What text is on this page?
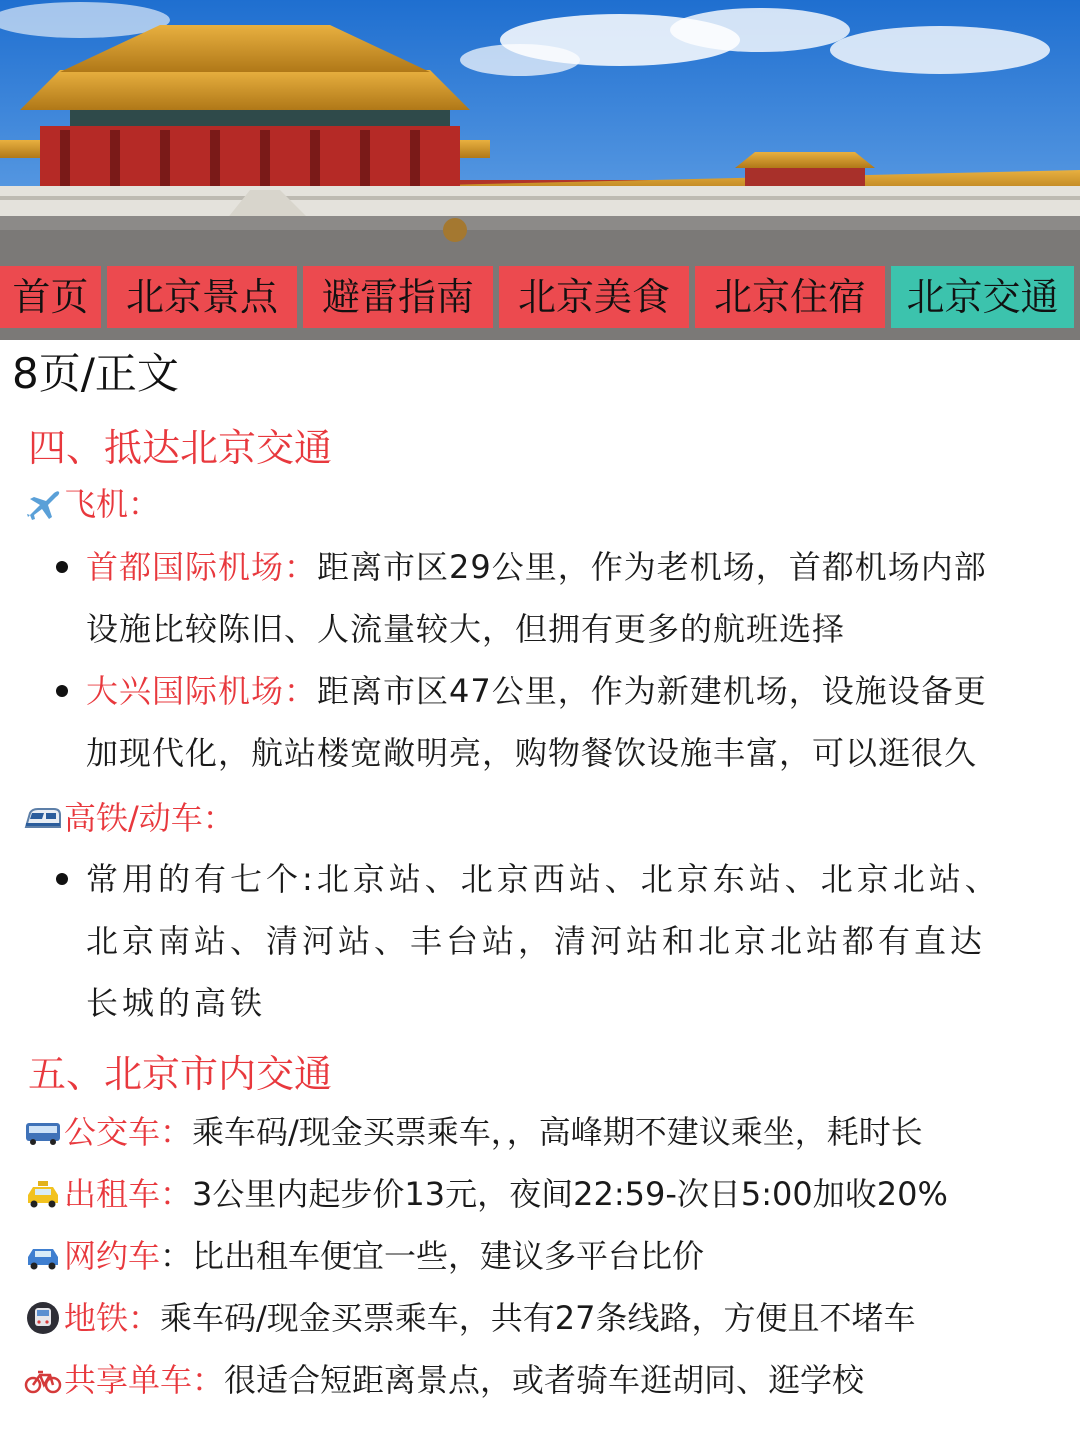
首页 北京景点	避雷指南	北京美食	北京住宿	北京交通
8页/正文
四、抵达北京交通
飞机：
首都国际机场：距离市区29公里，作为老机场，首都机场内部
设施比较陈旧、人流量较大，但拥有更多的航班选择
大兴国际机场：距离市区47公里，作为新建机场，设施设备更
加现代化，航站楼宽敞明亮，购物餐饮设施丰富，可以逛很久
高铁/动车：
常用的有七个:北京站、北京西站、北京东站、北京北站、
北京南站、清河站、丰台站，清河站和北京北站都有直达
长城的高铁
五、北京市内交通
公交车：乘车码/现金买票乘车，，高峰期不建议乘坐，耗时长
出租车：3公里内起步价13元，夜间22:59-次日5:00加收20%
网约车：比出租车便宜一些，建议多平台比价
地铁：乘车码/现金买票乘车，共有27条线路，方便且不堵车
共享单车：很适合短距离景点，或者骑车逛胡同、逛学校
